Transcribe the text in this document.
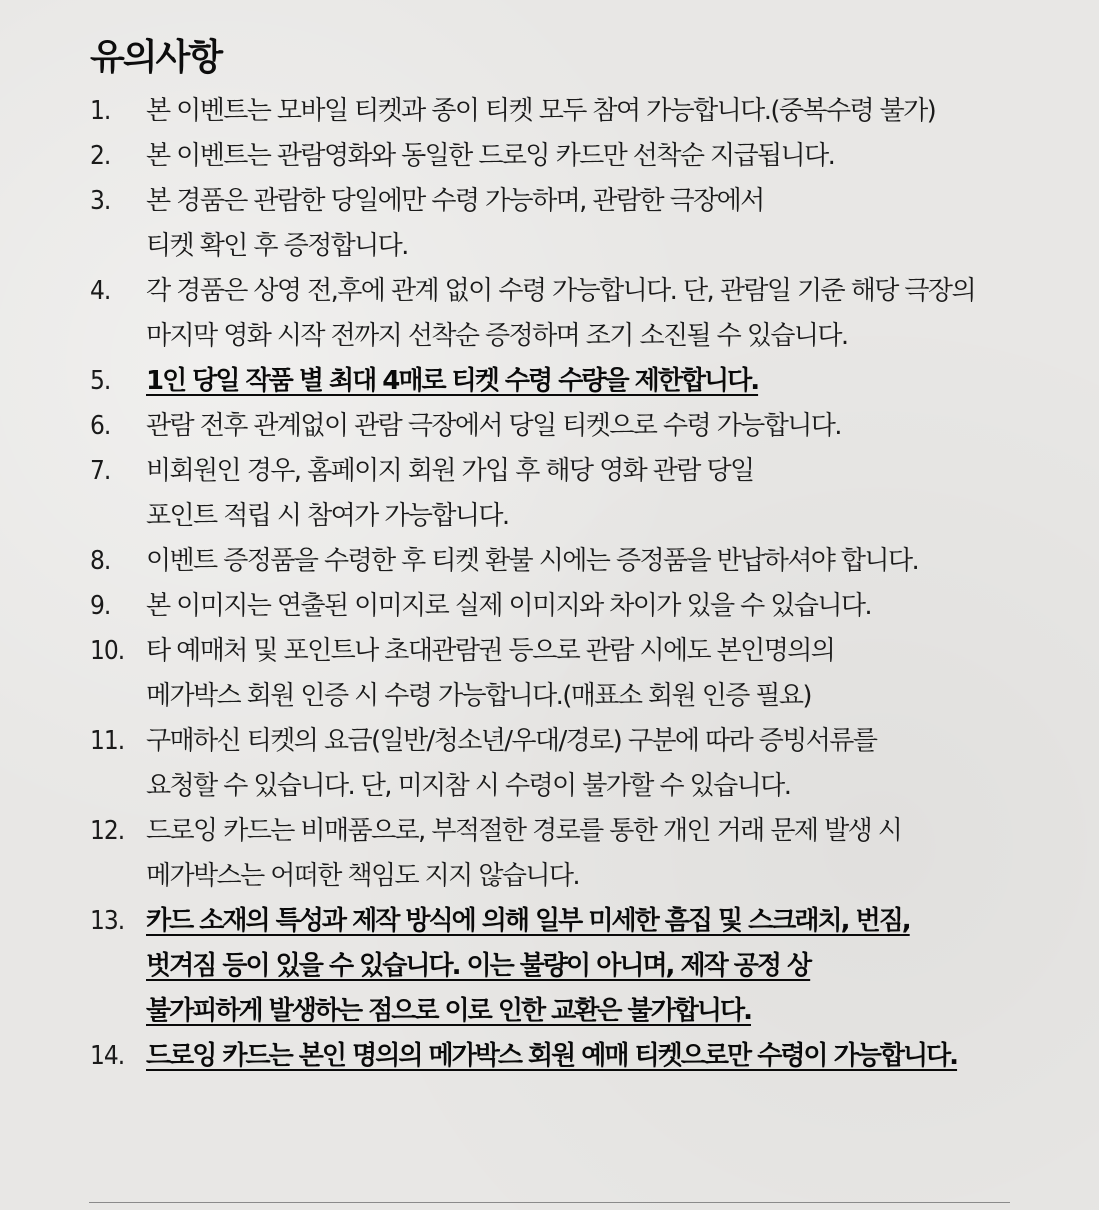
유의사항
1.	본 이벤트는 모바일 티켓과 종이 티켓 모두 참여 가능합니다.(중복수령 불가)
2.	본 이벤트는 관람영화와 동일한 드로잉 카드만 선착순 지급됩니다.
3.	본 경품은 관람한 당일에만 수령 가능하며, 관람한 극장에서
티켓 확인 후 증정합니다.
4.	각 경품은 상영 전,후에 관계 없이 수령 가능합니다. 단, 관람일 기준 해당 극장의
마지막 영화 시작 전까지 선착순 증정하며 조기 소진될 수 있습니다.
5.	1인 당일 작품 별 최대 4매로 티켓 수령 수량을 제한합니다.
6.	관람 전후 관계없이 관람 극장에서 당일 티켓으로 수령 가능합니다.
7.	비회원인 경우, 홈페이지 회원 가입 후 해당 영화 관람 당일
포인트 적립 시 참여가 가능합니다.
8.	이벤트 증정품을 수령한 후 티켓 환불 시에는 증정품을 반납하셔야 합니다.
9.	본 이미지는 연출된 이미지로 실제 이미지와 차이가 있을 수 있습니다.
10. 타 예매처 및 포인트나 초대관람권 등으로 관람 시에도 본인명의의
메가박스 회원 인증 시 수령 가능합니다.(매표소 회원 인증 필요)
11. 구매하신 티켓의 요금(일반/청소년/우대/경로) 구분에 따라 증빙서류를
요청할 수 있습니다. 단, 미지참 시 수령이 불가할 수 있습니다.
12. 드로잉 카드는 비매품으로, 부적절한 경로를 통한 개인 거래 문제 발생 시
메가박스는 어떠한 책임도 지지 않습니다.
13. 카드 소재의 특성과 제작 방식에 의해 일부 미세한 흠집 및 스크래치, 번짐,
벗겨짐 등이 있을 수 있습니다. 이는 불량이 아니며, 제작 공정 상
불가피하게 발생하는 점으로 이로 인한 교환은 불가합니다.
14. 드로잉 카드는 본인 명의의 메가박스 회원 예매 티켓으로만 수령이 가능합니다.
